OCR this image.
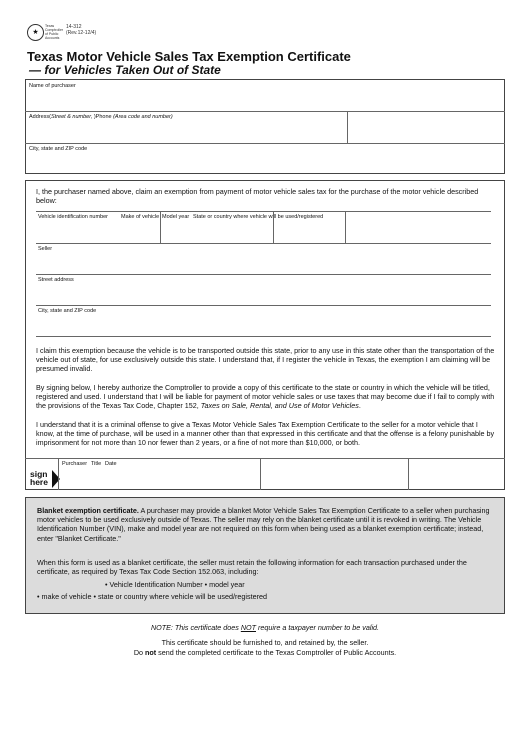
★
Texas
Comptroller
of Public
Accounts
14-312
(Rev.12-12/4)
Texas Motor Vehicle Sales Tax Exemption Certificate
— for Vehicles Taken Out of State
Name of purchaser
Address(Street & number, )Phone (Area code and number)
City, state and ZIP code
I, the purchaser named above, claim an exemption from payment of motor vehicle sales tax for the purchase of the motor vehicle described below:
Vehicle identification number Make of vehicle Model year State or country where vehicle will be used/registered
Seller
Street address
City, state and ZIP code
I claim this exemption because the vehicle is to be transported outside this state, prior to any use in this state other than the transportation of the vehicle out of state, for use exclusively outside this state. I understand that, if I register the vehicle in Texas, the exemption I am claiming will be presumed invalid.
By signing below, I hereby authorize the Comptroller to provide a copy of this certificate to the state or country in which the vehicle will be titled, registered and used. I understand that I will be liable for payment of motor vehicle sales or use taxes that may become due if I fail to comply with the provisions of the Texas Tax Code, Chapter 152, Taxes on Sale, Rental, and Use of Motor Vehicles.
I understand that it is a criminal offense to give a Texas Motor Vehicle Sales Tax Exemption Certificate to the seller for a motor vehicle that I know, at the time of purchase, will be used in a manner other than that expressed in this certificate and that the offense is a felony punishable by imprisonment for not more than 10 nor fewer than 2 years, or a fine of not more than $10,000, or both.
sign
here
Purchaser Title Date
Blanket exemption certificate. A purchaser may provide a blanket Motor Vehicle Sales Tax Exemption Certificate to a seller when purchasing motor vehicles to be used exclusively outside of Texas. The seller may rely on the blanket certificate until it is revoked in writing. The Vehicle Identification Number (VIN), make and model year are not required on this form when being used as a blanket exemption certificate; instead, enter "Blanket Certificate."
When this form is used as a blanket certificate, the seller must retain the following information for each transaction purchased under the certificate, as required by Texas Tax Code Section 152.063, including:
• Vehicle Identification Number • model year
• make of vehicle • state or country where vehicle will be used/registered
NOTE: This certificate does NOT require a taxpayer number to be valid.
This certificate should be furnished to, and retained by, the seller.
Do not send the completed certificate to the Texas Comptroller of Public Accounts.
